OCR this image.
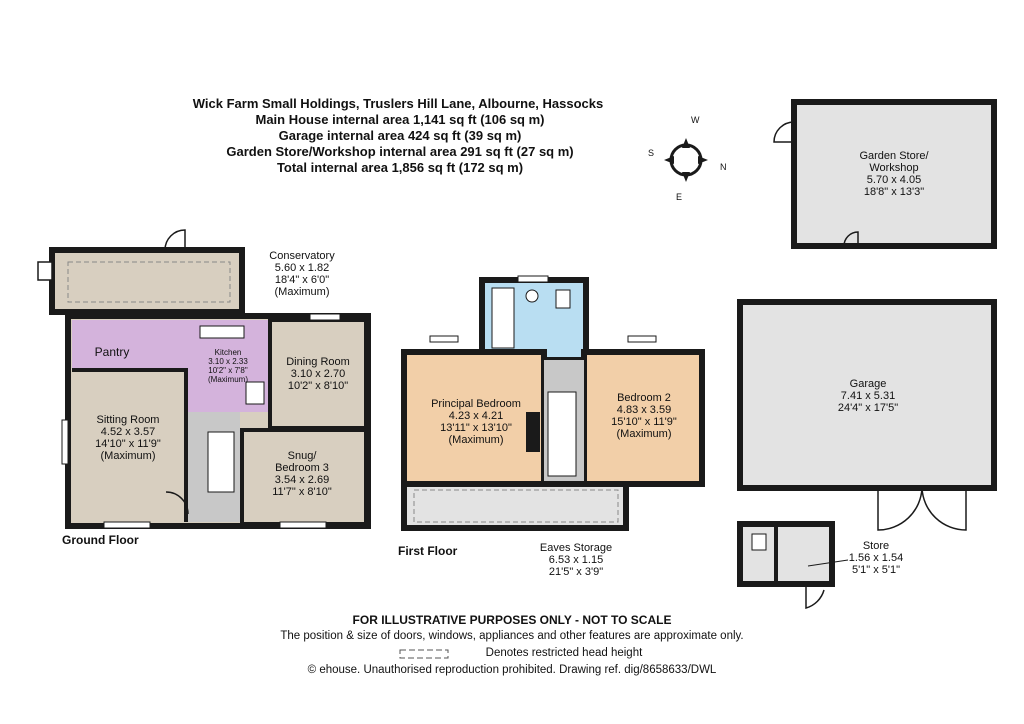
Wick Farm Small Holdings, Truslers Hill Lane, Albourne, Hassocks
Main House internal area 1,141 sq ft (106 sq m)
Garage internal area 424 sq ft (39 sq m)
Garden Store/Workshop internal area 291 sq ft (27 sq m)
Total internal area 1,856 sq ft (172 sq m)
W
S
N
E
Conservatory
5.60 x 1.82
18'4" x 6'0"
(Maximum)
Pantry	Kitchen
3.10 x 2.33
10'2" x 7'8"
(Maximum)
Dining Room
3.10 x 2.70
10'2" x 8'10"
Sitting Room
4.52 x 3.57
14'10" x 11'9"
(Maximum)	Snug/
Bedroom 3
3.54 x 2.69
11'7" x 8'10"
Ground Floor
Principal Bedroom
4.23 x 4.21
13'11" x 13'10"
(Maximum)
Bedroom 2
4.83 x 3.59
15'10" x 11'9"
(Maximum)
Eaves Storage
6.53 x 1.15
21'5" x 3'9"
First Floor
Garden Store/
Workshop
5.70 x 4.05
18'8" x 13'3"
Garage
7.41 x 5.31
24'4" x 17'5"
Store
1.56 x 1.54
5'1" x 5'1"
FOR ILLUSTRATIVE PURPOSES ONLY - NOT TO SCALE
The position & size of doors, windows, appliances and other features are approximate only.
Denotes restricted head height
© ehouse. Unauthorised reproduction prohibited. Drawing ref. dig/8658633/DWL
